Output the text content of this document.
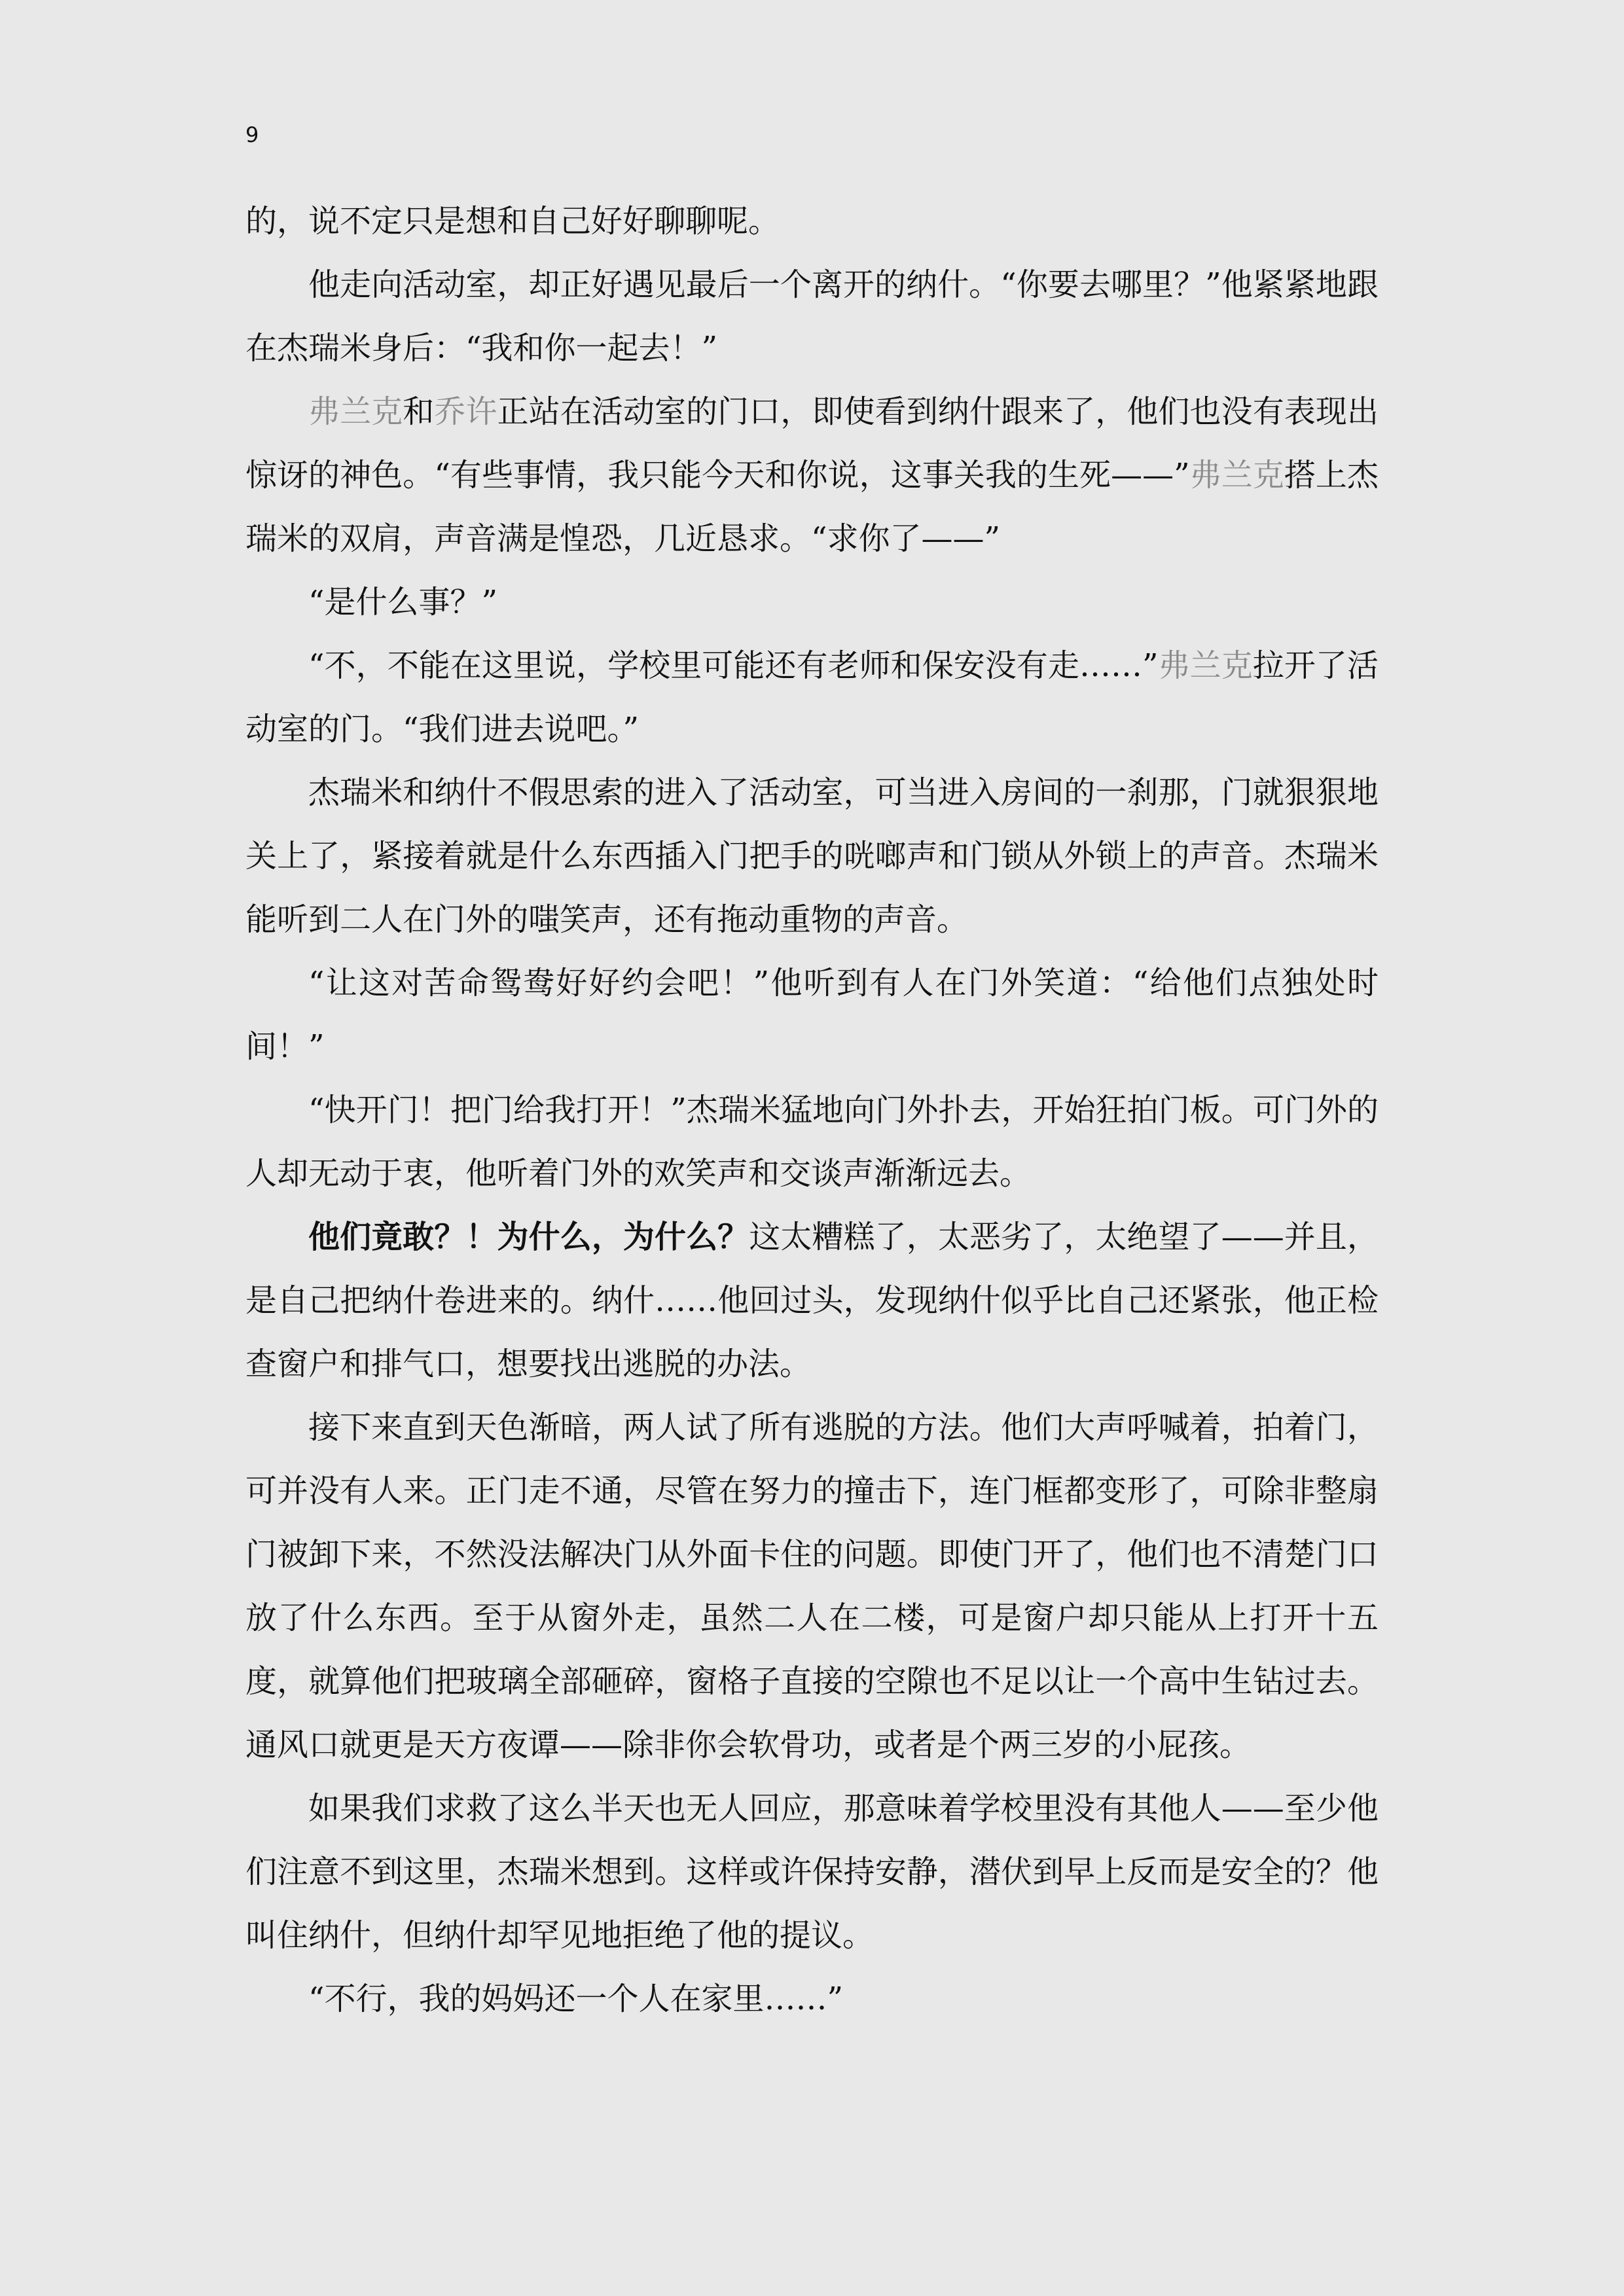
9

的，说不定只是想和自己好好聊聊呢。

他走向活动室，却正好遇见最后一个离开的纳什。“你要去哪里？”他紧紧地跟在杰瑞米身后：“我和你一起去！”

弗兰克和乔许正站在活动室的门口，即使看到纳什跟来了，他们也没有表现出惊讶的神色。“有些事情，我只能今天和你说，这事关我的生死——”弗兰克搭上杰瑞米的双肩，声音满是惶恐，几近恳求。“求你了——”

“是什么事？”

“不，不能在这里说，学校里可能还有老师和保安没有走……”弗兰克拉开了活动室的门。“我们进去说吧。”

杰瑞米和纳什不假思索的进入了活动室，可当进入房间的一刹那，门就狠狠地关上了，紧接着就是什么东西插入门把手的咣啷声和门锁从外锁上的声音。杰瑞米能听到二人在门外的嗤笑声，还有拖动重物的声音。

“让这对苦命鸳鸯好好约会吧！”他听到有人在门外笑道：“给他们点独处时间！”

“快开门！把门给我打开！”杰瑞米猛地向门外扑去，开始狂拍门板。可门外的人却无动于衷，他听着门外的欢笑声和交谈声渐渐远去。

他们竟敢？！为什么，为什么？这太糟糕了，太恶劣了，太绝望了——并且，是自己把纳什卷进来的。纳什……他回过头，发现纳什似乎比自己还紧张，他正检查窗户和排气口，想要找出逃脱的办法。

接下来直到天色渐暗，两人试了所有逃脱的方法。他们大声呼喊着，拍着门，可并没有人来。正门走不通，尽管在努力的撞击下，连门框都变形了，可除非整扇门被卸下来，不然没法解决门从外面卡住的问题。即使门开了，他们也不清楚门口放了什么东西。至于从窗外走，虽然二人在二楼，可是窗户却只能从上打开十五度，就算他们把玻璃全部砸碎，窗格子直接的空隙也不足以让一个高中生钻过去。通风口就更是天方夜谭——除非你会软骨功，或者是个两三岁的小屁孩。

如果我们求救了这么半天也无人回应，那意味着学校里没有其他人——至少他们注意不到这里，杰瑞米想到。这样或许保持安静，潜伏到早上反而是安全的？他叫住纳什，但纳什却罕见地拒绝了他的提议。

“不行，我的妈妈还一个人在家里……”
